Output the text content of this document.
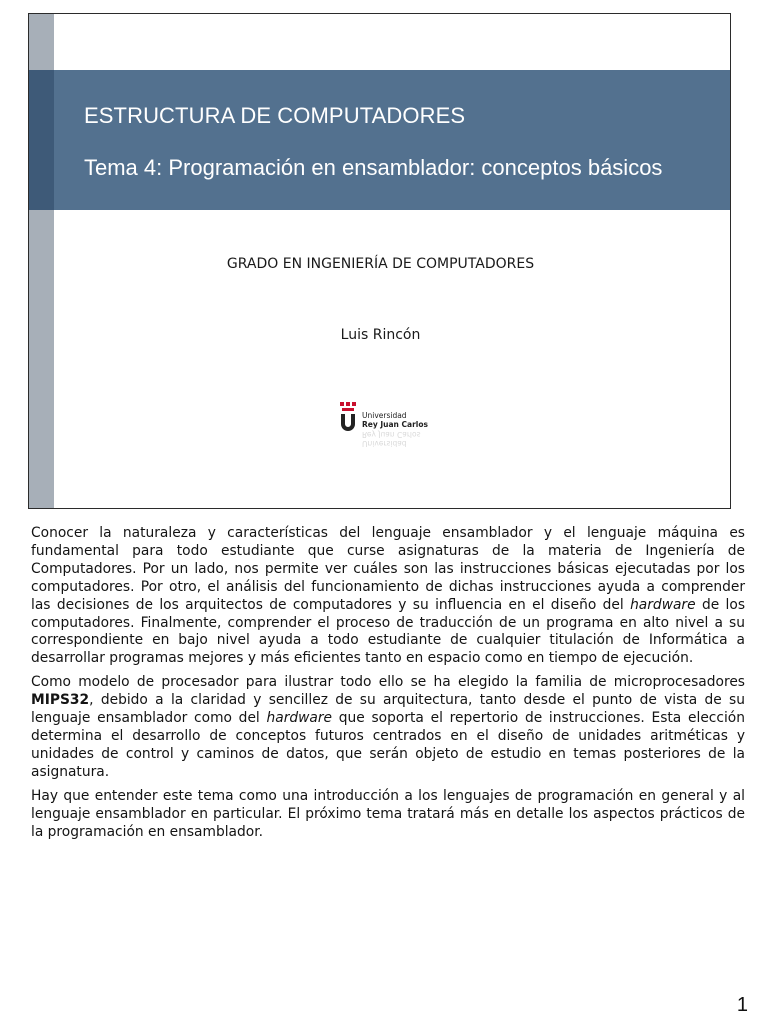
ESTRUCTURA DE COMPUTADORES
Tema 4: Programación en ensamblador: conceptos básicos
GRADO EN INGENIERÍA DE COMPUTADORES
Luis Rincón
Universidad
Rey Juan Carlos
Universidad
Rey Juan Carlos

Conocer la naturaleza y características del lenguaje ensamblador y el lenguaje máquina es fundamental para todo estudiante que curse asignaturas de la materia de Ingeniería de Computadores. Por un lado, nos permite ver cuáles son las instrucciones básicas ejecutadas por los computadores. Por otro, el análisis del funcionamiento de dichas instrucciones ayuda a comprender las decisiones de los arquitectos de computadores y su influencia en el diseño del hardware de los computadores. Finalmente, comprender el proceso de traducción de un programa en alto nivel a su correspondiente en bajo nivel ayuda a todo estudiante de cualquier titulación de Informática a desarrollar programas mejores y más eficientes tanto en espacio como en tiempo de ejecución.

Como modelo de procesador para ilustrar todo ello se ha elegido la familia de microprocesadores MIPS32, debido a la claridad y sencillez de su arquitectura, tanto desde el punto de vista de su lenguaje ensamblador como del hardware que soporta el repertorio de instrucciones. Esta elección determina el desarrollo de conceptos futuros centrados en el diseño de unidades aritméticas y unidades de control y caminos de datos, que serán objeto de estudio en temas posteriores de la asignatura.

Hay que entender este tema como una introducción a los lenguajes de programación en general y al lenguaje ensamblador en particular. El próximo tema tratará más en detalle los aspectos prácticos de la programación en ensamblador.

1
